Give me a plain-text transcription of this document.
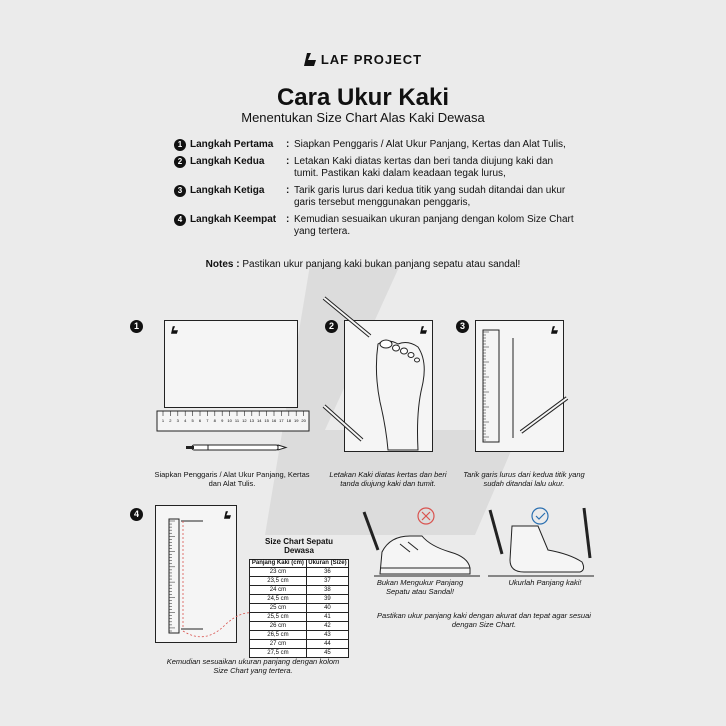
LAF PROJECT
Cara Ukur Kaki
Menentukan Size Chart Alas Kaki Dewasa
1 Langkah Pertama	: Siapkan Penggaris / Alat Ukur Panjang, Kertas dan Alat Tulis,
2 Langkah Kedua	: Letakan Kaki diatas kertas dan beri tanda diujung kaki dan tumit. Pastikan kaki dalam keadaan tegak lurus,
3 Langkah Ketiga	: Tarik garis lurus dari kedua titik yang sudah ditandai dan ukur garis tersebut menggunakan penggaris,
4 Langkah Keempat : Kemudian sesuaikan ukuran panjang dengan kolom Size Chart yang tertera.
Notes : Pastikan ukur panjang kaki bukan panjang sepatu atau sandal!
1
1 2 3 4 5 6 7 8 9 10 11 12 13 14 15 16 17 18 19 20
Siapkan Penggaris / Alat Ukur Panjang, Kertas dan Alat Tulis.
2
Letakan Kaki diatas kertas dan beri tanda diujung kaki dan tumit.
3
Tarik garis lurus dari kedua titik yang sudah ditandai lalu ukur.
4
Size Chart Sepatu Dewasa
Panjang Kaki (cm)	Ukuran (Size)
23 cm	36
23,5 cm	37
24 cm	38
24,5 cm	39
25 cm	40
25,5 cm	41
26 cm	42
26,5 cm	43
27 cm	44
27,5 cm	45
Kemudian sesuaikan ukuran panjang dengan kolom Size Chart yang tertera.
Bukan Mengukur Panjang Sepatu atau Sandal!
Ukurlah Panjang kaki!
Pastikan ukur panjang kaki dengan akurat dan tepat agar sesuai dengan Size Chart.
